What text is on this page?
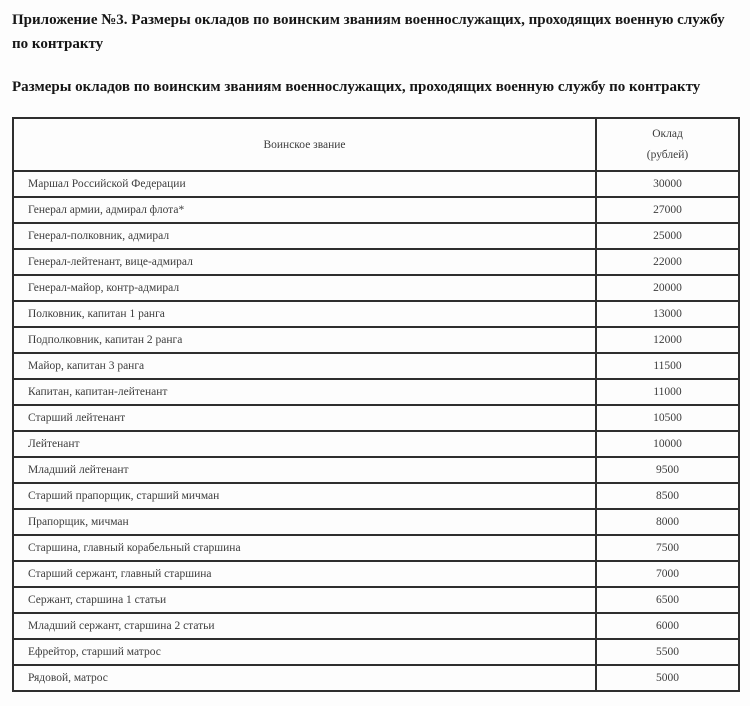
Приложение №3. Размеры окладов по воинским званиям военнослужащих, проходящих военную службу по контракту
Размеры окладов по воинским званиям военнослужащих, проходящих военную службу по контракту
Воинское звание	Оклад
(рублей)

Маршал Российской Федерации	30000
Генерал армии, адмирал флота*	27000
Генерал-полковник, адмирал	25000
Генерал-лейтенант, вице-адмирал	22000
Генерал-майор, контр-адмирал	20000
Полковник, капитан 1 ранга	13000
Подполковник, капитан 2 ранга	12000
Майор, капитан 3 ранга	11500
Капитан, капитан-лейтенант	11000
Старший лейтенант	10500
Лейтенант	10000
Младший лейтенант	9500
Старший прапорщик, старший мичман	8500
Прапорщик, мичман	8000
Старшина, главный корабельный старшина	7500
Старший сержант, главный старшина	7000
Сержант, старшина 1 статьи	6500
Младший сержант, старшина 2 статьи	6000
Ефрейтор, старший матрос	5500
Рядовой, матрос	5000
